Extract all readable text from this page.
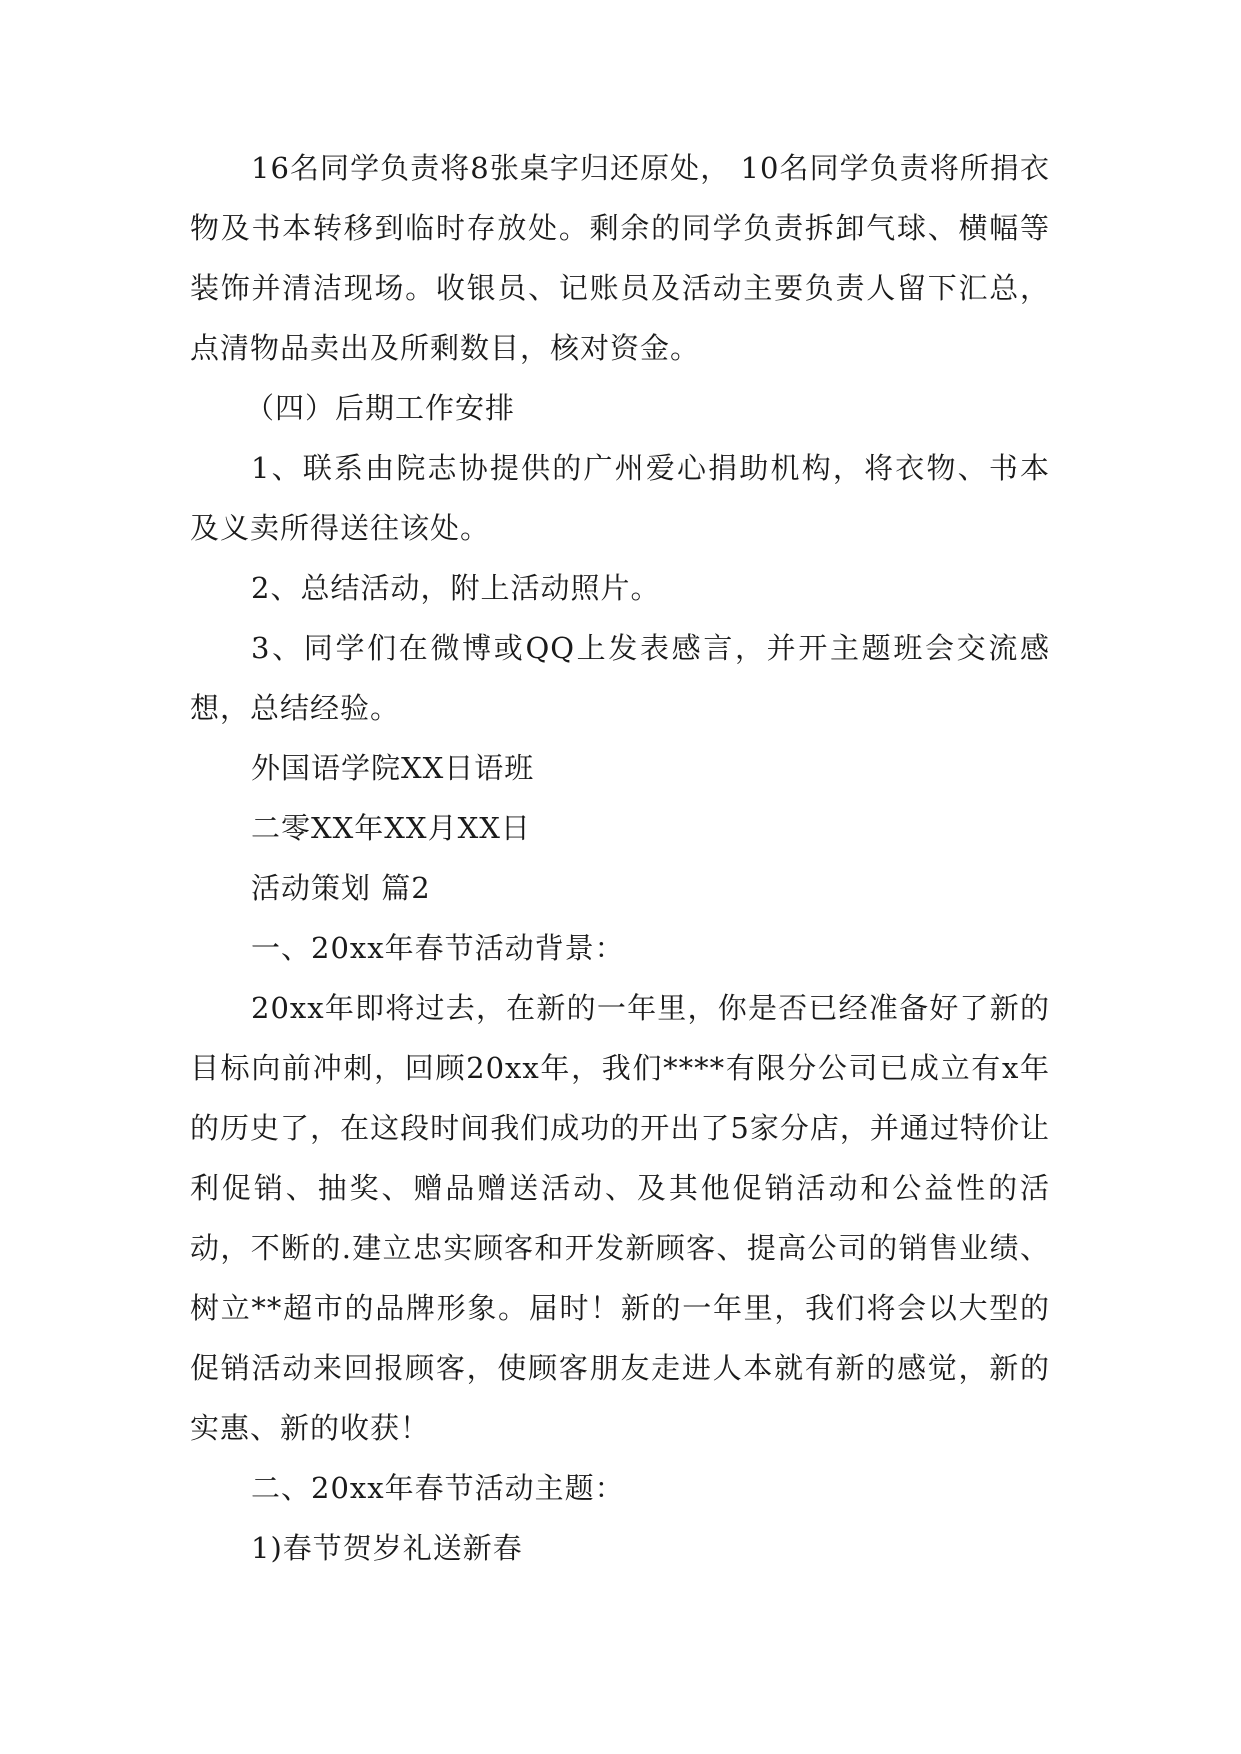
16名同学负责将8张桌字归还原处， 10名同学负责将所捐衣物及书本转移到临时存放处。剩余的同学负责拆卸气球、横幅等装饰并清洁现场。收银员、记账员及活动主要负责人留下汇总，点清物品卖出及所剩数目，核对资金。

（四）后期工作安排

1、联系由院志协提供的广州爱心捐助机构，将衣物、书本及义卖所得送往该处。

2、总结活动，附上活动照片。

3、同学们在微博或QQ上发表感言，并开主题班会交流感想，总结经验。

外国语学院XX日语班

二零XX年XX月XX日

活动策划 篇2

一、20xx年春节活动背景：

20xx年即将过去，在新的一年里，你是否已经准备好了新的目标向前冲刺，回顾20xx年，我们****有限分公司已成立有x年的历史了，在这段时间我们成功的开出了5家分店，并通过特价让利促销、抽奖、赠品赠送活动、及其他促销活动和公益性的活动，不断的.建立忠实顾客和开发新顾客、提高公司的销售业绩、树立**超市的品牌形象。届时！新的一年里，我们将会以大型的促销活动来回报顾客，使顾客朋友走进人本就有新的感觉，新的实惠、新的收获！

二、20xx年春节活动主题：

1)春节贺岁礼送新春
